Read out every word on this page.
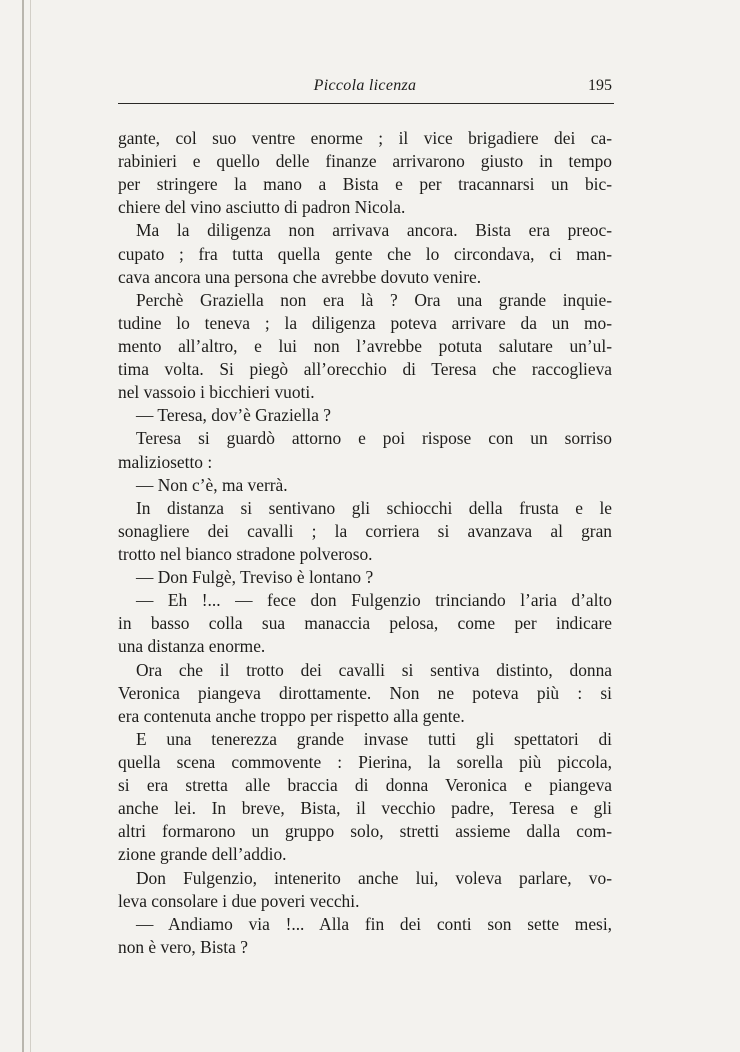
Piccola licenza	195
gante, col suo ventre enorme ; il vice brigadiere dei ca-
rabinieri e quello delle finanze arrivarono giusto in tempo
per stringere la mano a Bista e per tracannarsi un bic-
chiere del vino asciutto di padron Nicola.
Ma la diligenza non arrivava ancora. Bista era preoc-
cupato ; fra tutta quella gente che lo circondava, ci man-
cava ancora una persona che avrebbe dovuto venire.
Perchè Graziella non era là ? Ora una grande inquie-
tudine lo teneva ; la diligenza poteva arrivare da un mo-
mento all’altro, e lui non l’avrebbe potuta salutare un’ul-
tima volta. Si piegò all’orecchio di Teresa che raccoglieva
nel vassoio i bicchieri vuoti.
— Teresa, dov’è Graziella ?
Teresa si guardò attorno e poi rispose con un sorriso
maliziosetto :
— Non c’è, ma verrà.
In distanza si sentivano gli schiocchi della frusta e le
sonagliere dei cavalli ; la corriera si avanzava al gran
trotto nel bianco stradone polveroso.
— Don Fulgè, Treviso è lontano ?
— Eh !... — fece don Fulgenzio trinciando l’aria d’alto
in basso colla sua manaccia pelosa, come per indicare
una distanza enorme.
Ora che il trotto dei cavalli si sentiva distinto, donna
Veronica piangeva dirottamente. Non ne poteva più : si
era contenuta anche troppo per rispetto alla gente.
E una tenerezza grande invase tutti gli spettatori di
quella scena commovente : Pierina, la sorella più piccola,
si era stretta alle braccia di donna Veronica e piangeva
anche lei. In breve, Bista, il vecchio padre, Teresa e gli
altri formarono un gruppo solo, stretti assieme dalla com-
zione grande dell’addio.
Don Fulgenzio, intenerito anche lui, voleva parlare, vo-
leva consolare i due poveri vecchi.
— Andiamo via !... Alla fin dei conti son sette mesi,
non è vero, Bista ?
